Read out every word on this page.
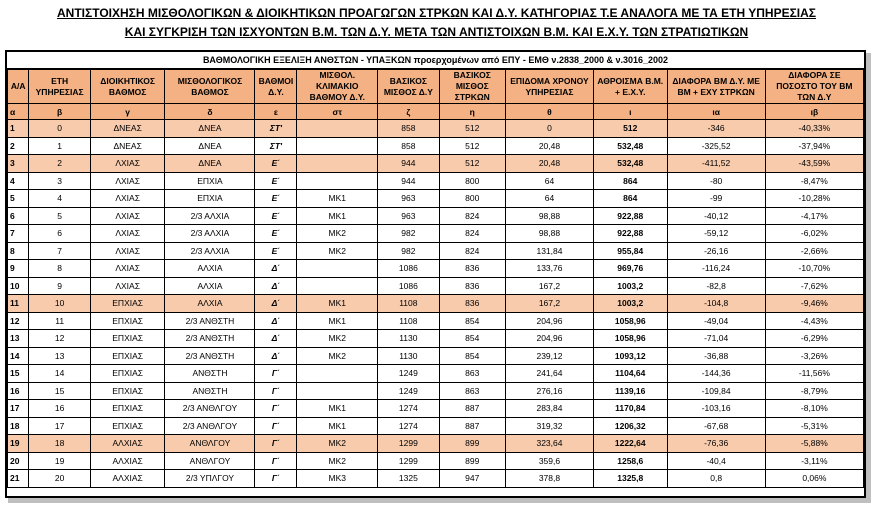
ΑΝΤΙΣΤΟΙΧΗΣΗ ΜΙΣΘΟΛΟΓΙΚΩΝ & ΔΙΟΙΚΗΤΙΚΩΝ ΠΡΟΑΓΩΓΩΝ ΣΤΡΚΩΝ ΚΑΙ Δ.Υ. ΚΑΤΗΓΟΡΙΑΣ Τ.Ε ΑΝΑΛΟΓΑ ΜΕ ΤΑ ΕΤΗ ΥΠΗΡΕΣΙΑΣ
ΚΑΙ ΣΥΓΚΡΙΣΗ ΤΩΝ ΙΣΧΥΟΝΤΩΝ Β.Μ. ΤΩΝ Δ.Υ. ΜΕΤΑ ΤΩΝ ΑΝΤΙΣΤΟΙΧΩΝ Β.Μ. ΚΑΙ Ε.Χ.Υ. ΤΩΝ ΣΤΡΑΤΙΩΤΙΚΩΝ
ΒΑΘΜΟΛΟΓΙΚΗ ΕΞΕΛΙΞΗ ΑΝΘΣΤΩΝ - ΥΠΑΞΚΩΝ προερχομένων από ΕΠΥ - ΕΜΘ ν.2838_2000 & ν.3016_2002
Α/Α	ΕΤΗ ΥΠΗΡΕΣΙΑΣ	ΔΙΟΙΚΗΤΙΚΟΣ ΒΑΘΜΟΣ	ΜΙΣΘΟΛΟΓΙΚΟΣ ΒΑΘΜΟΣ	ΒΑΘΜΟΙ Δ.Υ.	ΜΙΣΘΟΛ. ΚΛΙΜΑΚΙΟ ΒΑΘΜΟΥ Δ.Υ.	ΒΑΣΙΚΟΣ ΜΙΣΘΟΣ Δ.Υ	ΒΑΣΙΚΟΣ ΜΙΣΘΟΣ ΣΤΡΚΩΝ	ΕΠΙΔΟΜΑ ΧΡΟΝΟΥ ΥΠΗΡΕΣΙΑΣ	ΑΘΡΟΙΣΜΑ Β.Μ. + Ε.Χ.Υ.	ΔΙΑΦΟΡΑ ΒΜ Δ.Υ. ΜΕ ΒΜ + ΕΧΥ ΣΤΡΚΩΝ	ΔΙΑΦΟΡΑ ΣΕ ΠΟΣΟΣΤΟ ΤΟΥ ΒΜ ΤΩΝ Δ.Υ
α	β	γ	δ	ε	στ	ζ	η	θ	ι	ια	ιβ
1	0	ΔΝΕΑΣ	ΔΝΕΑ	ΣΤ'		858	512	0	512	-346	-40,33%
2	1	ΔΝΕΑΣ	ΔΝΕΑ	ΣΤ'		858	512	20,48	532,48	-325,52	-37,94%
3	2	ΛΧΙΑΣ	ΔΝΕΑ	Ε΄		944	512	20,48	532,48	-411,52	-43,59%
4	3	ΛΧΙΑΣ	ΕΠΧΙΑ	Ε΄		944	800	64	864	-80	-8,47%
5	4	ΛΧΙΑΣ	ΕΠΧΙΑ	Ε΄	ΜΚ1	963	800	64	864	-99	-10,28%
6	5	ΛΧΙΑΣ	2/3 ΑΛΧΙΑ	Ε΄	ΜΚ1	963	824	98,88	922,88	-40,12	-4,17%
7	6	ΛΧΙΑΣ	2/3 ΑΛΧΙΑ	Ε΄	ΜΚ2	982	824	98,88	922,88	-59,12	-6,02%
8	7	ΛΧΙΑΣ	2/3 ΑΛΧΙΑ	Ε΄	ΜΚ2	982	824	131,84	955,84	-26,16	-2,66%
9	8	ΛΧΙΑΣ	ΑΛΧΙΑ	Δ΄		1086	836	133,76	969,76	-116,24	-10,70%
10	9	ΛΧΙΑΣ	ΑΛΧΙΑ	Δ΄		1086	836	167,2	1003,2	-82,8	-7,62%
11	10	ΕΠΧΙΑΣ	ΑΛΧΙΑ	Δ΄	ΜΚ1	1108	836	167,2	1003,2	-104,8	-9,46%
12	11	ΕΠΧΙΑΣ	2/3 ΑΝΘΣΤΗ	Δ΄	ΜΚ1	1108	854	204,96	1058,96	-49,04	-4,43%
13	12	ΕΠΧΙΑΣ	2/3 ΑΝΘΣΤΗ	Δ΄	ΜΚ2	1130	854	204,96	1058,96	-71,04	-6,29%
14	13	ΕΠΧΙΑΣ	2/3 ΑΝΘΣΤΗ	Δ΄	ΜΚ2	1130	854	239,12	1093,12	-36,88	-3,26%
15	14	ΕΠΧΙΑΣ	ΑΝΘΣΤΗ	Γ΄		1249	863	241,64	1104,64	-144,36	-11,56%
16	15	ΕΠΧΙΑΣ	ΑΝΘΣΤΗ	Γ΄		1249	863	276,16	1139,16	-109,84	-8,79%
17	16	ΕΠΧΙΑΣ	2/3 ΑΝΘΛΓΟΥ	Γ΄	ΜΚ1	1274	887	283,84	1170,84	-103,16	-8,10%
18	17	ΕΠΧΙΑΣ	2/3 ΑΝΘΛΓΟΥ	Γ΄	ΜΚ1	1274	887	319,32	1206,32	-67,68	-5,31%
19	18	ΑΛΧΙΑΣ	ΑΝΘΛΓΟΥ	Γ΄	ΜΚ2	1299	899	323,64	1222,64	-76,36	-5,88%
20	19	ΑΛΧΙΑΣ	ΑΝΘΛΓΟΥ	Γ΄	ΜΚ2	1299	899	359,6	1258,6	-40,4	-3,11%
21	20	ΑΛΧΙΑΣ	2/3 ΥΠΛΓΟΥ	Γ΄	ΜΚ3	1325	947	378,8	1325,8	0,8	0,06%
